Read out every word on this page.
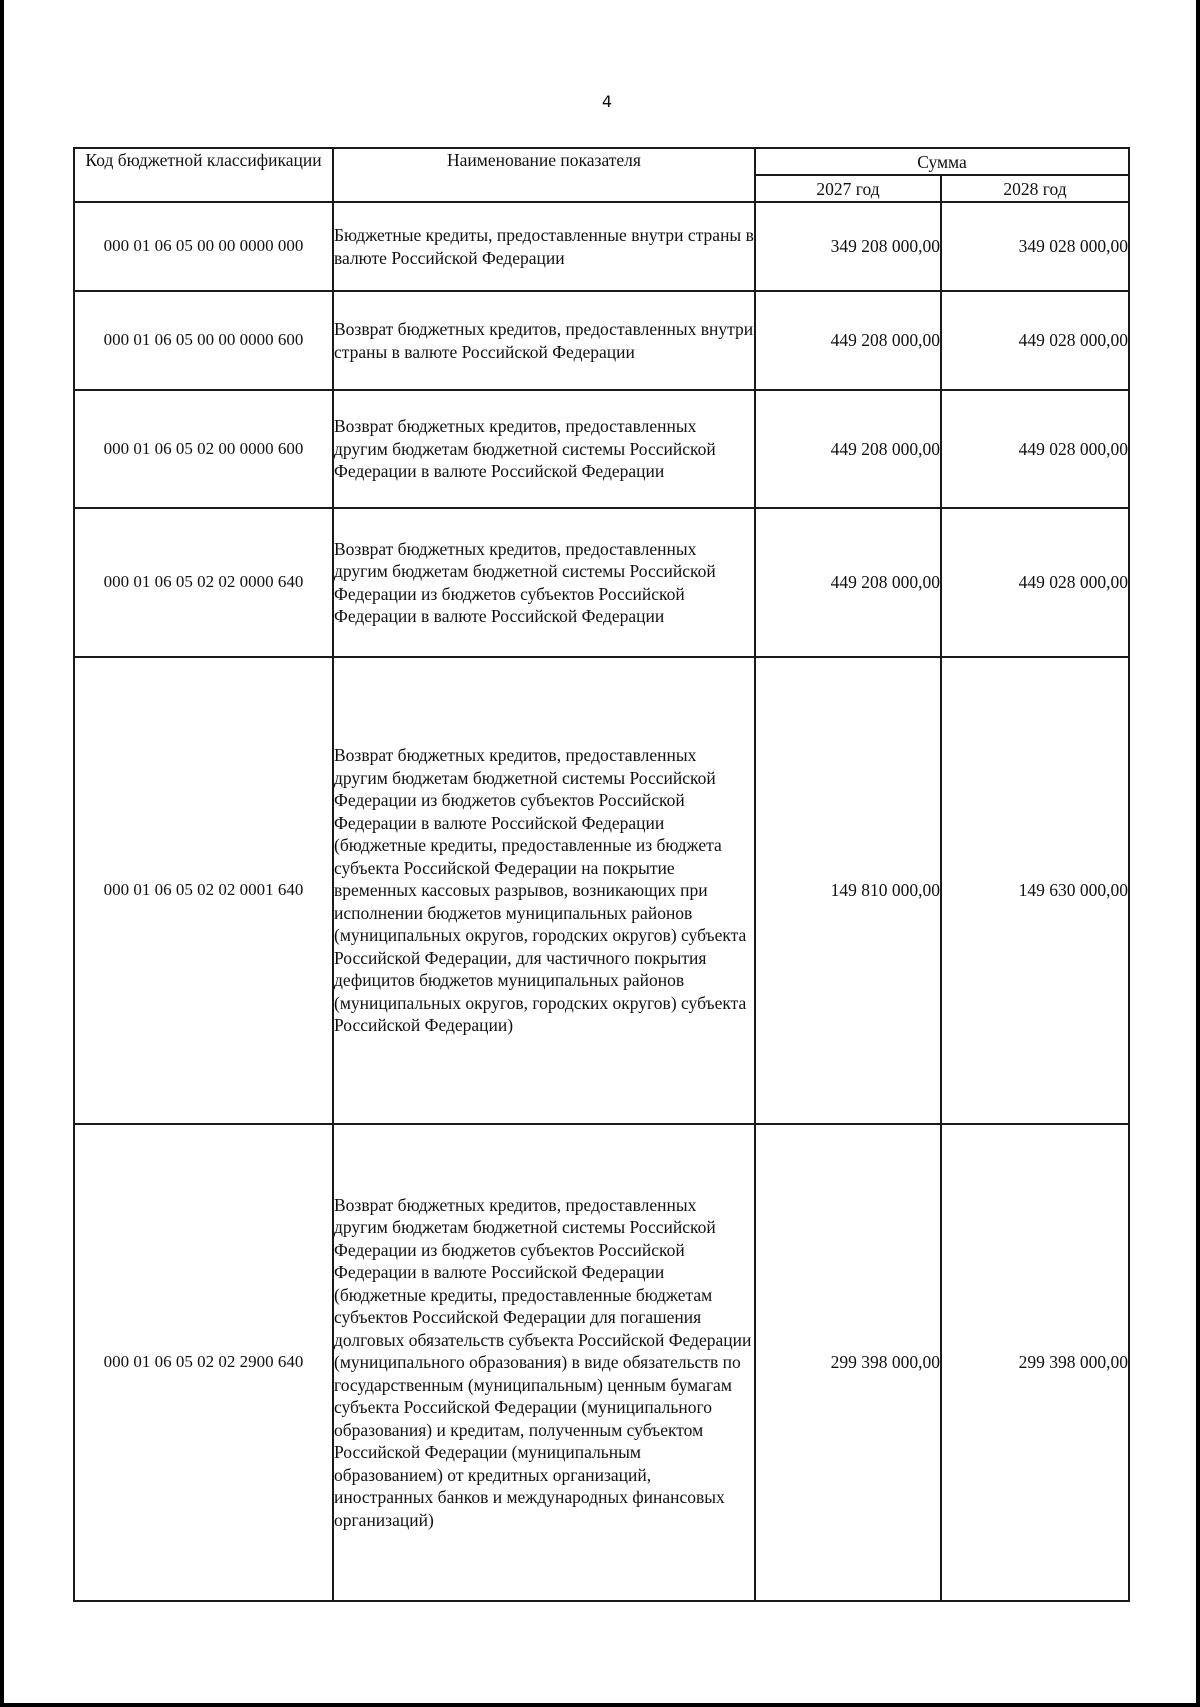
4
Код бюджетной классификации	Наименование показателя	Сумма	
		2027 год	2028 год
000 01 06 05 00 00 0000 000	Бюджетные кредиты, предоставленные внутри страны в валюте Российской Федерации	349 208 000,00	349 028 000,00
000 01 06 05 00 00 0000 600	Возврат бюджетных кредитов, предоставленных внутри страны в валюте Российской Федерации	449 208 000,00	449 028 000,00
000 01 06 05 02 00 0000 600	Возврат бюджетных кредитов, предоставленных другим бюджетам бюджетной системы Российской Федерации в валюте Российской Федерации	449 208 000,00	449 028 000,00
000 01 06 05 02 02 0000 640	Возврат бюджетных кредитов, предоставленных другим бюджетам бюджетной системы Российской Федерации из бюджетов субъектов Российской Федерации в валюте Российской Федерации	449 208 000,00	449 028 000,00
000 01 06 05 02 02 0001 640	Возврат бюджетных кредитов, предоставленных другим бюджетам бюджетной системы Российской Федерации из бюджетов субъектов Российской Федерации в валюте Российской Федерации (бюджетные кредиты, предоставленные из бюджета субъекта Российской Федерации на покрытие временных кассовых разрывов, возникающих при исполнении бюджетов муниципальных районов (муниципальных округов, городских округов) субъекта Российской Федерации, для частичного покрытия дефицитов бюджетов муниципальных районов (муниципальных округов, городских округов) субъекта Российской Федерации)	149 810 000,00	149 630 000,00
000 01 06 05 02 02 2900 640	Возврат бюджетных кредитов, предоставленных другим бюджетам бюджетной системы Российской Федерации из бюджетов субъектов Российской Федерации в валюте Российской Федерации (бюджетные кредиты, предоставленные бюджетам субъектов Российской Федерации для погашения долговых обязательств субъекта Российской Федерации (муниципального образования) в виде обязательств по государственным (муниципальным) ценным бумагам субъекта Российской Федерации (муниципального образования) и кредитам, полученным субъектом Российской Федерации (муниципальным образованием) от кредитных организаций, иностранных банков и международных финансовых организаций)	299 398 000,00	299 398 000,00
